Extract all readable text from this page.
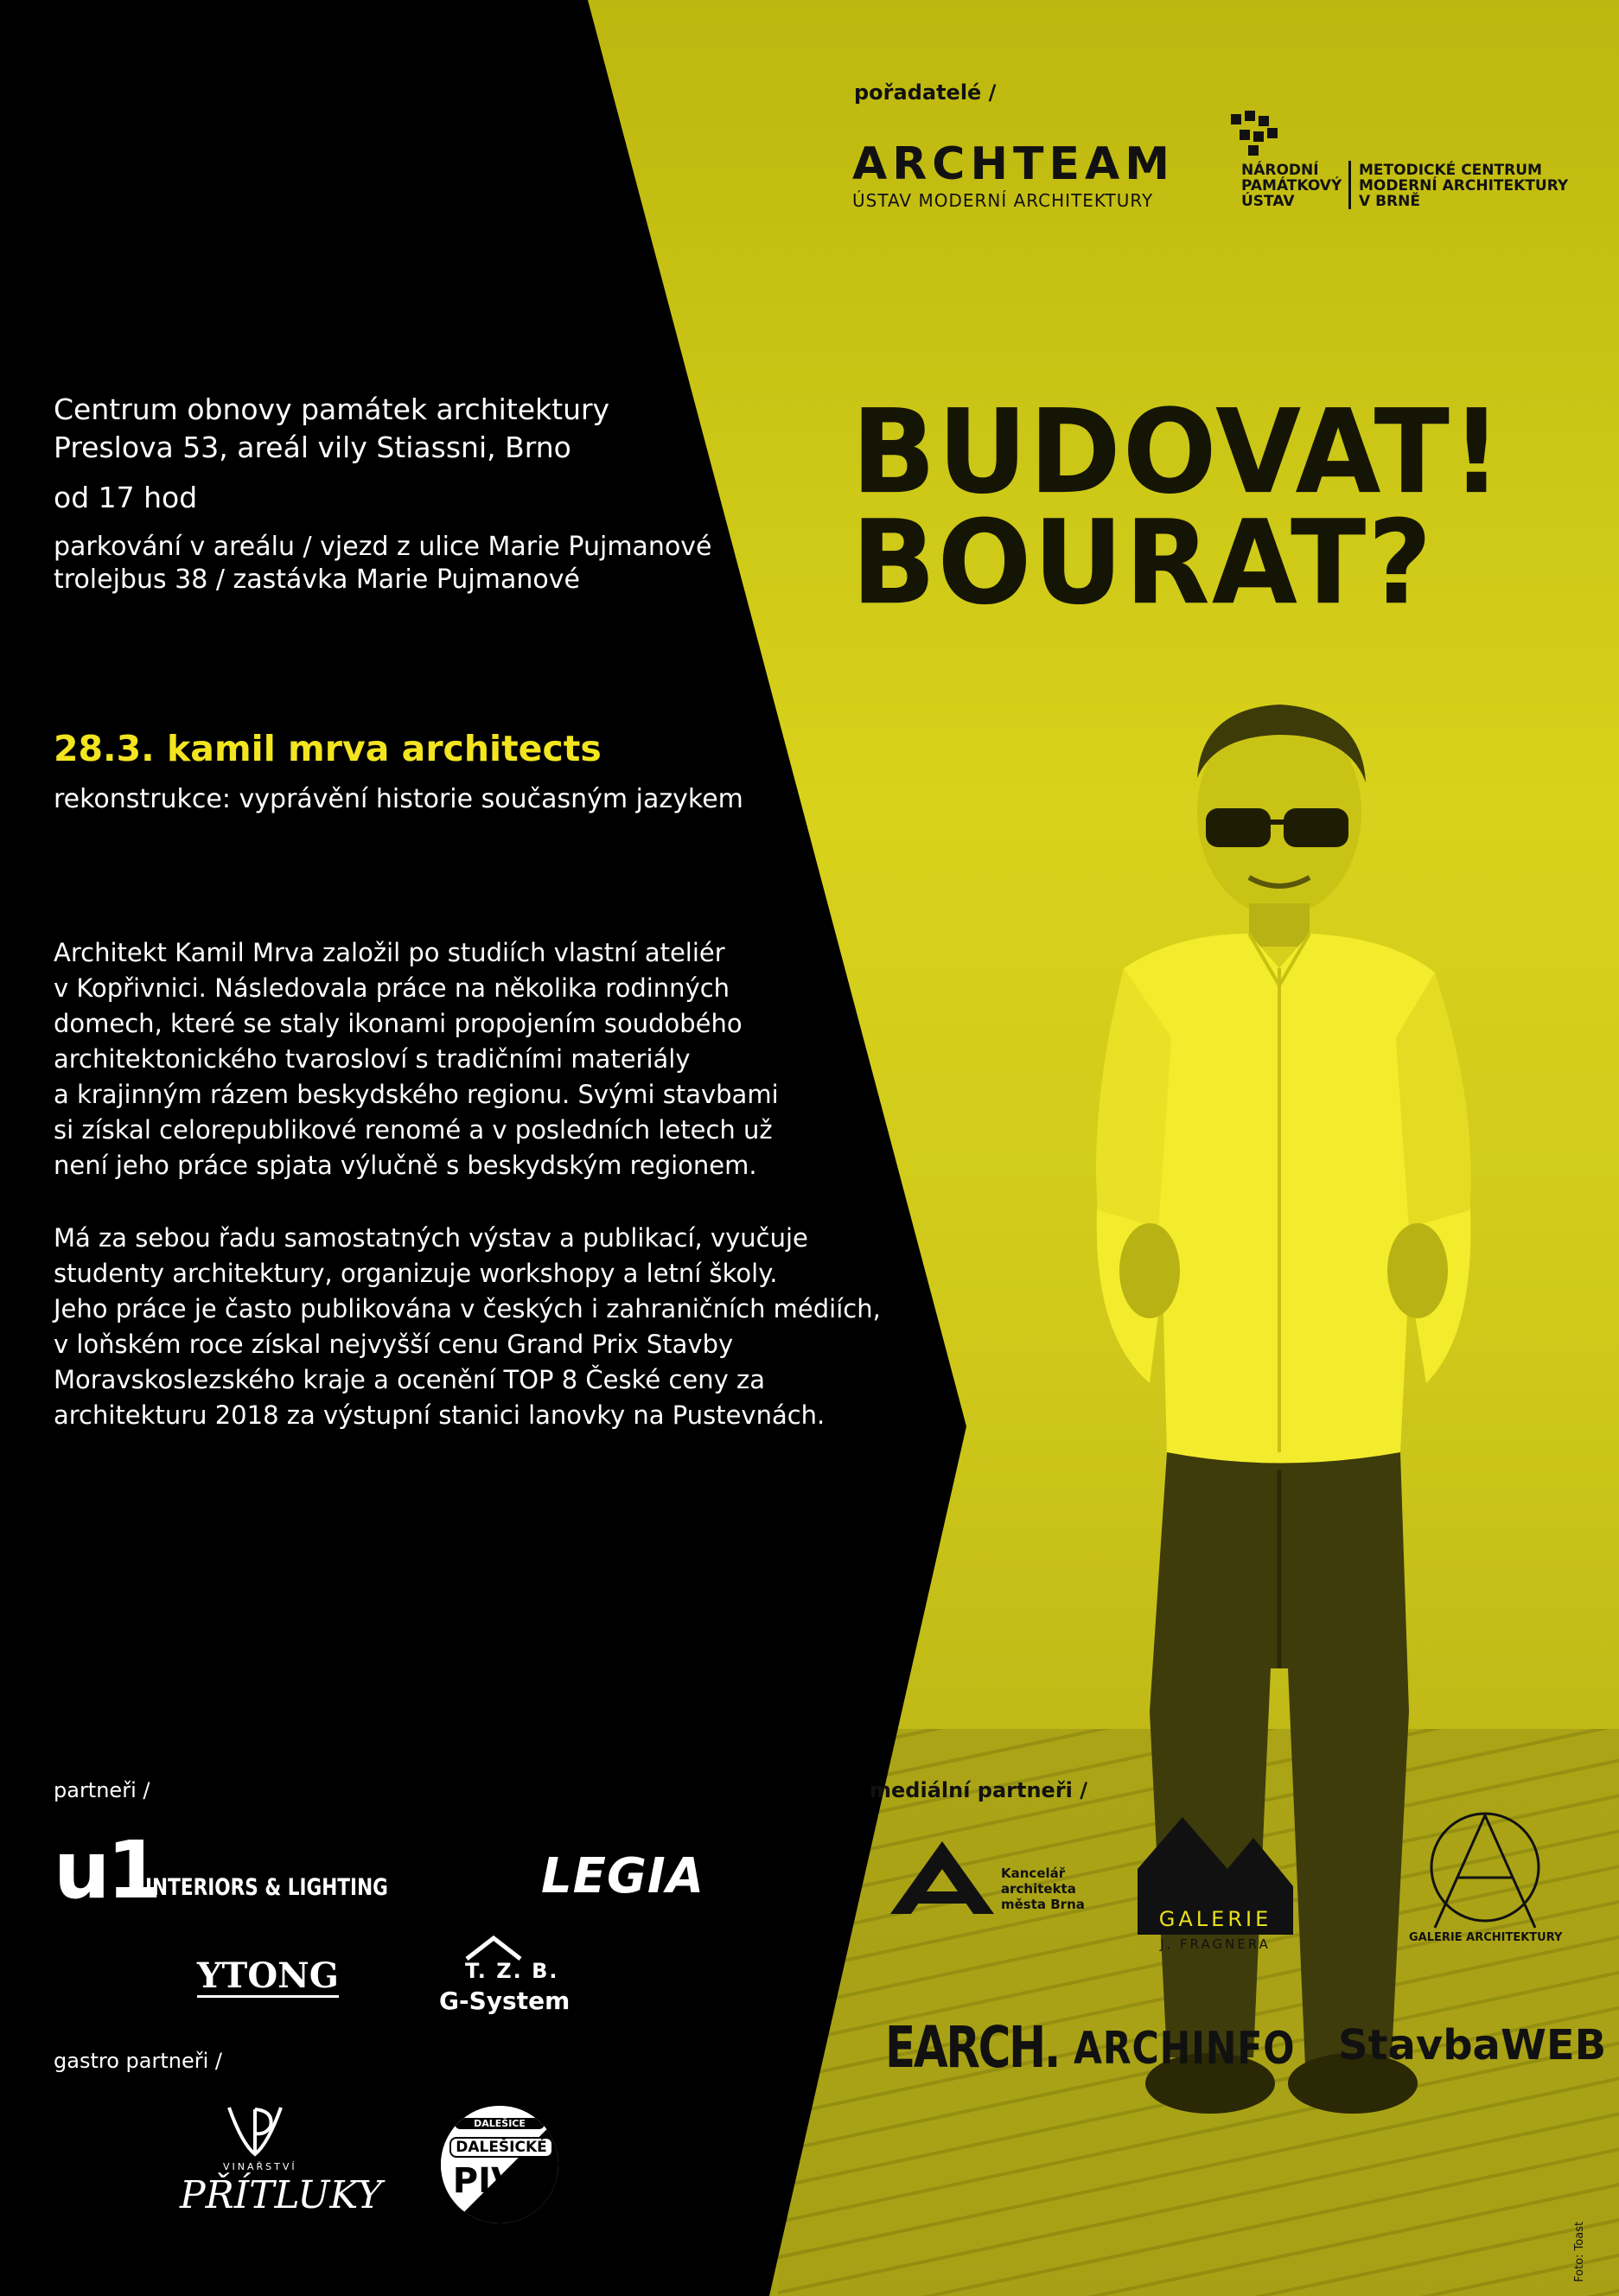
pořadatelé /
ARCHTEAM
ÚSTAV MODERNÍ ARCHITEKTURY
NÁRODNÍ
PAMÁTKOVÝ
ÚSTAV
METODICKÉ CENTRUM
MODERNÍ ARCHITEKTURY
V BRNĚ
Centrum obnovy památek architektury
Preslova 53, areál vily Stiassni, Brno
od 17 hod
parkování v areálu / vjezd z ulice Marie Pujmanové
trolejbus 38 / zastávka Marie Pujmanové
BUDOVAT!
BOURAT?
28.3. kamil mrva architects
rekonstrukce: vyprávění historie současným jazykem

Architekt Kamil Mrva založil po studiích vlastní ateliér

v Kopřivnici. Následovala práce na několika rodinných

domech, které se staly ikonami propojením soudobého

architektonického tvarosloví s tradičními materiály

a krajinným rázem beskydského regionu. Svými stavbami

si získal celorepublikové renomé a v posledních letech už

není jeho práce spjata výlučně s beskydským regionem.

Má za sebou řadu samostatných výstav a publikací, vyučuje

studenty architektury, organizuje workshopy a letní školy.

Jeho práce je často publikována v českých i zahraničních médiích,

v loňském roce získal nejvyšší cenu Grand Prix Stavby

Moravskoslezského kraje a ocenění TOP 8 České ceny za

architekturu 2018 za výstupní stanici lanovky na Pustevnách.

partneři /
u1
INTERIORS & LIGHTING	LEGIA
YTONG	T. Z. B.
G-System
gastro partneři /
VINAŘSTVÍ
PŘÍTLUKY
DALEŠICE
DALEŠICKÉ
PIVO
mediální partneři /
Kancelář
architekta
města Brna
GALERIE
J. FRAGNERA	GALERIE ARCHITEKTURY
EARCH. ARCHINFO StavbaWEB
Foto: Toast
